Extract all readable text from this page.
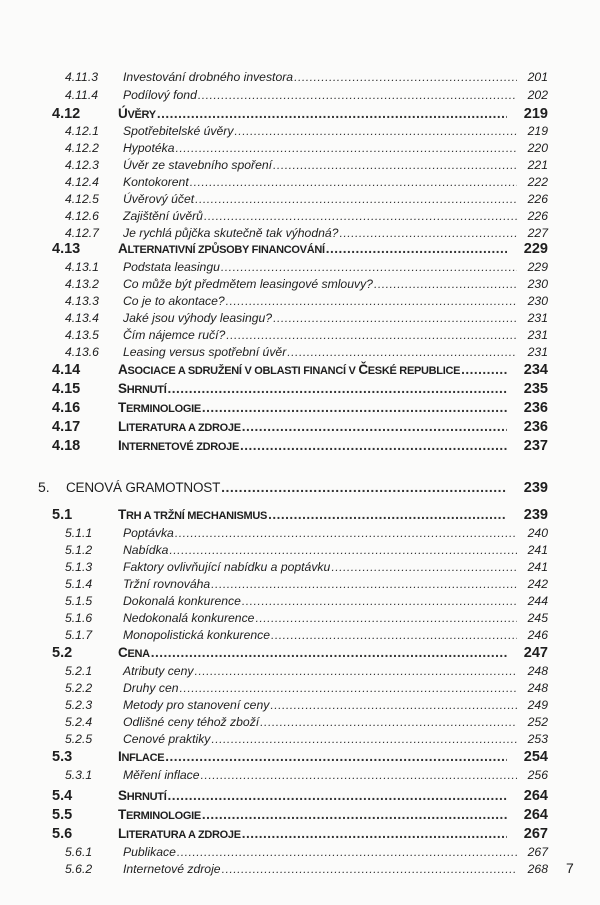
4.11.3	Investování drobného investora .....	201
4.11.4	Podílový fond .....	202
4.12	ÚVĚRY .....	219
4.12.1	Spotřebitelské úvěry .....	219
4.12.2	Hypotéka .....	220
4.12.3	Úvěr ze stavebního spoření .....	221
4.12.4	Kontokorent .....	222
4.12.5	Úvěrový účet .....	226
4.12.6	Zajištění úvěrů .....	226
4.12.7	Je rychlá půjčka skutečně tak výhodná? .....	227
4.13	ALTERNATIVNÍ ZPŮSOBY FINANCOVÁNÍ .....	229
4.13.1	Podstata leasingu .....	229
4.13.2	Co může být předmětem leasingové smlouvy? .....	230
4.13.3	Co je to akontace? .....	230
4.13.4	Jaké jsou výhody leasingu? .....	231
4.13.5	Čím nájemce ručí? .....	231
4.13.6	Leasing versus spotřební úvěr .....	231
4.14	ASOCIACE A SDRUŽENÍ V OBLASTI FINANCÍ V ČESKÉ REPUBLICE .....	234
4.15	SHRNUTÍ .....	235
4.16	TERMINOLOGIE .....	236
4.17	LITERATURA A ZDROJE .....	236
4.18	INTERNETOVÉ ZDROJE .....	237
5.	CENOVÁ GRAMOTNOST .....	239
5.1	TRH A TRŽNÍ MECHANISMUS .....	239
5.1.1	Poptávka .....	240
5.1.2	Nabídka .....	241
5.1.3	Faktory ovlivňující nabídku a poptávku .....	241
5.1.4	Tržní rovnováha .....	242
5.1.5	Dokonalá konkurence .....	244
5.1.6	Nedokonalá konkurence .....	245
5.1.7	Monopolistická konkurence .....	246
5.2	CENA .....	247
5.2.1	Atributy ceny .....	248
5.2.2	Druhy cen .....	248
5.2.3	Metody pro stanovení ceny .....	249
5.2.4	Odlišné ceny téhož zboží .....	252
5.2.5	Cenové praktiky .....	253
5.3	INFLACE .....	254
5.3.1	Měření inflace .....	256
5.4	SHRNUTÍ .....	264
5.5	TERMINOLOGIE .....	264
5.6	LITERATURA A ZDROJE .....	267
5.6.1	Publikace .....	267
5.6.2	Internetové zdroje .....	268 7
